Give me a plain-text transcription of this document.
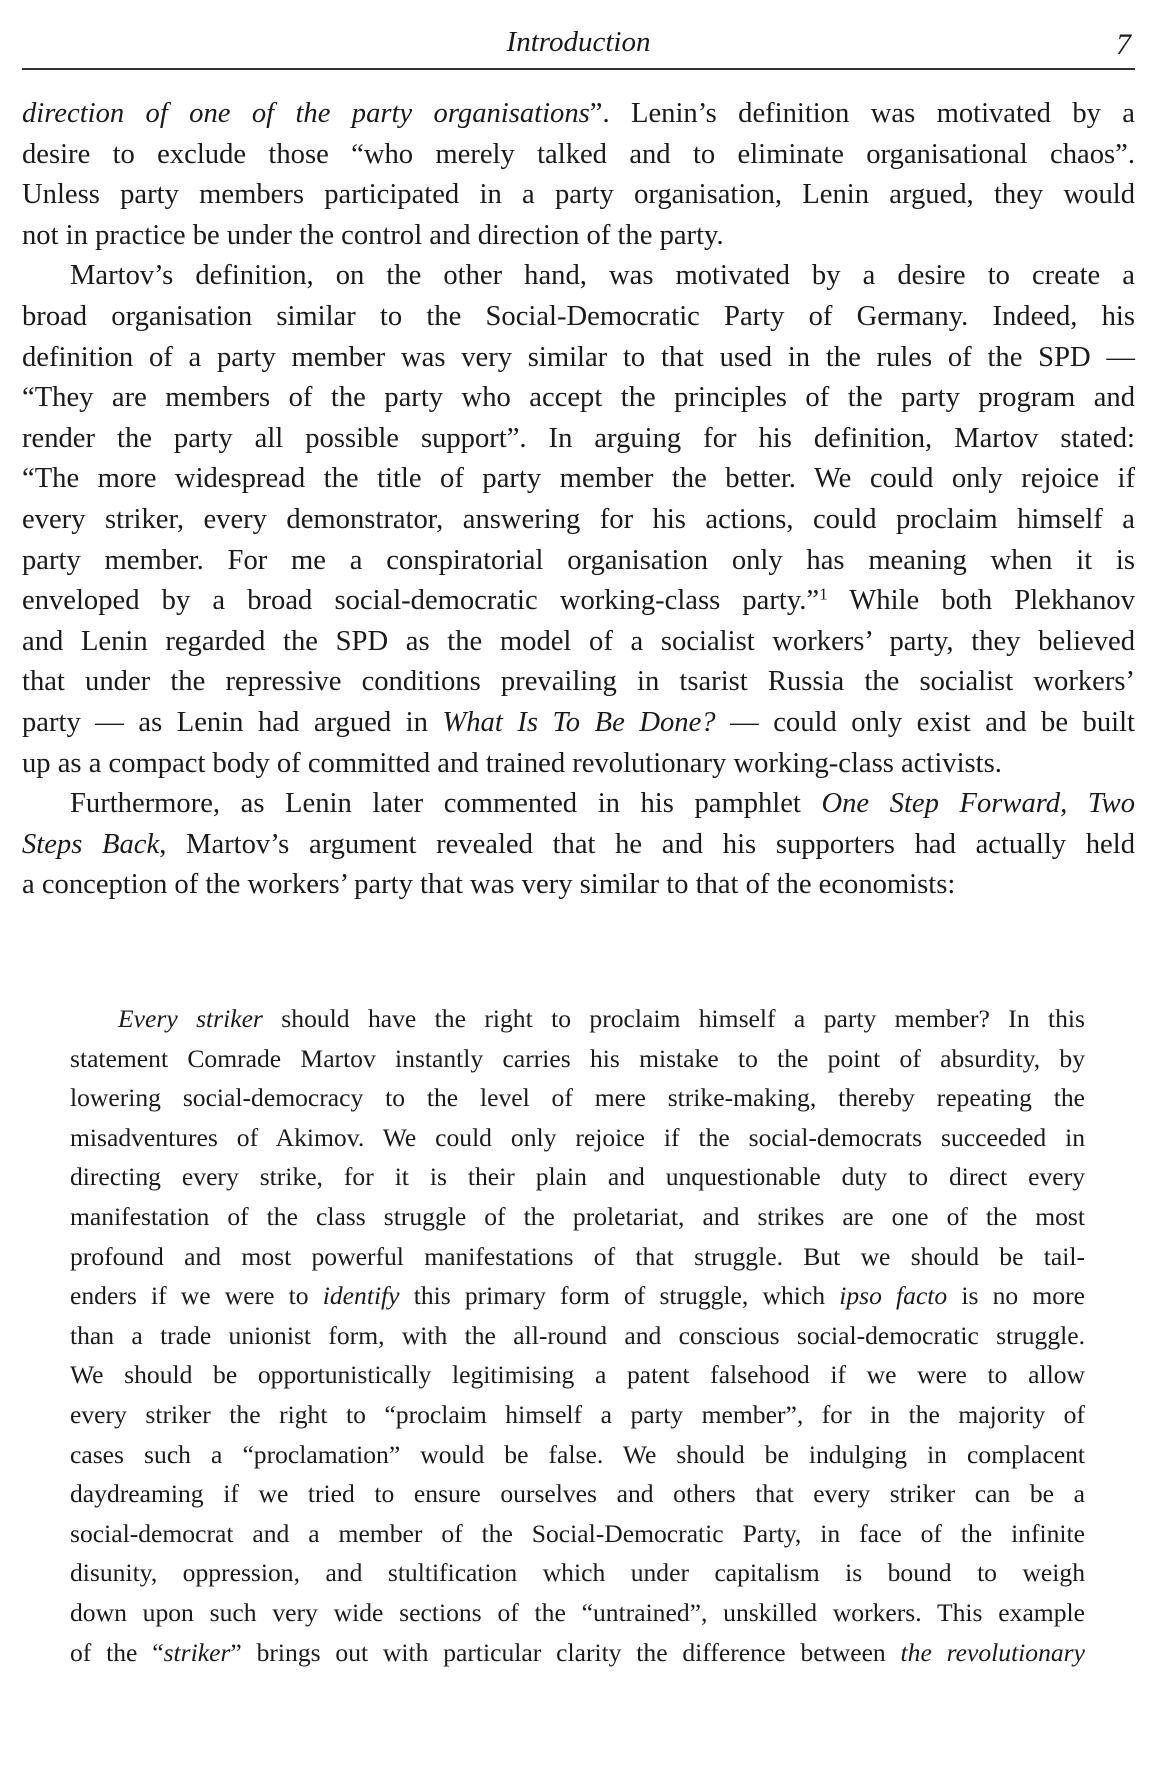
Introduction	7

direction of one of the party organisations”. Lenin’s definition was motivated by a
desire to exclude those “who merely talked and to eliminate organisational chaos”.
Unless party members participated in a party organisation, Lenin argued, they would
not in practice be under the control and direction of the party.

Martov’s definition, on the other hand, was motivated by a desire to create a
broad organisation similar to the Social-Democratic Party of Germany. Indeed, his
definition of a party member was very similar to that used in the rules of the SPD —
“They are members of the party who accept the principles of the party program and
render the party all possible support”. In arguing for his definition, Martov stated:
“The more widespread the title of party member the better. We could only rejoice if
every striker, every demonstrator, answering for his actions, could proclaim himself a
party member. For me a conspiratorial organisation only has meaning when it is
enveloped by a broad social-democratic working-class party.”$^1$ While both Plekhanov
and Lenin regarded the SPD as the model of a socialist workers’ party, they believed
that under the repressive conditions prevailing in tsarist Russia the socialist workers’
party — as Lenin had argued in What Is To Be Done? — could only exist and be built
up as a compact body of committed and trained revolutionary working-class activists.

Furthermore, as Lenin later commented in his pamphlet One Step Forward, Two
Steps Back, Martov’s argument revealed that he and his supporters had actually held
a conception of the workers’ party that was very similar to that of the economists:

Every striker should have the right to proclaim himself a party member? In this
statement Comrade Martov instantly carries his mistake to the point of absurdity, by
lowering social-democracy to the level of mere strike-making, thereby repeating the
misadventures of Akimov. We could only rejoice if the social-democrats succeeded in
directing every strike, for it is their plain and unquestionable duty to direct every
manifestation of the class struggle of the proletariat, and strikes are one of the most
profound and most powerful manifestations of that struggle. But we should be tail-
enders if we were to identify this primary form of struggle, which ipso facto is no more
than a trade unionist form, with the all-round and conscious social-democratic struggle.
We should be opportunistically legitimising a patent falsehood if we were to allow
every striker the right to “proclaim himself a party member”, for in the majority of
cases such a “proclamation” would be false. We should be indulging in complacent
daydreaming if we tried to ensure ourselves and others that every striker can be a
social-democrat and a member of the Social-Democratic Party, in face of the infinite
disunity, oppression, and stultification which under capitalism is bound to weigh
down upon such very wide sections of the “untrained”, unskilled workers. This example
of the “striker” brings out with particular clarity the difference between the revolutionary
